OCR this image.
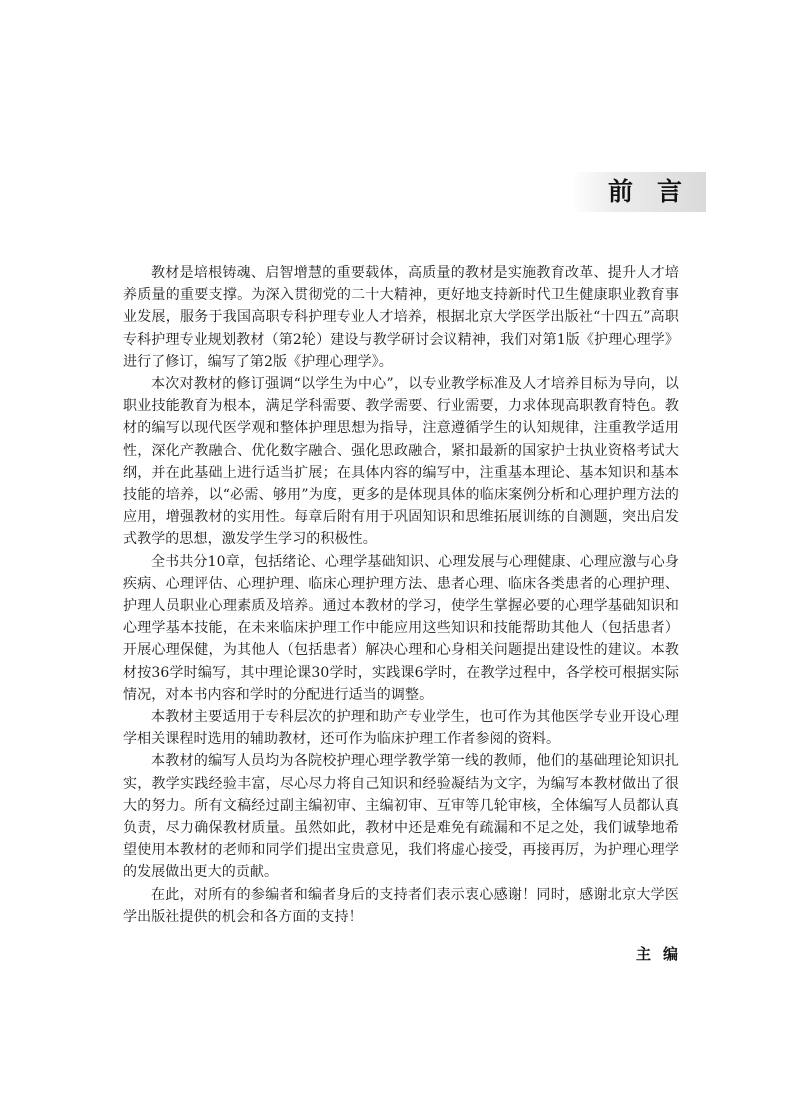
前言

教材是培根铸魂、启智增慧的重要载体，高质量的教材是实施教育改革、提升人才培养质量的重要支撑。为深入贯彻党的二十大精神，更好地支持新时代卫生健康职业教育事业发展，服务于我国高职专科护理专业人才培养，根据北京大学医学出版社“十四五”高职专科护理专业规划教材（第2轮）建设与教学研讨会议精神，我们对第1版《护理心理学》进行了修订，编写了第2版《护理心理学》。

本次对教材的修订强调“以学生为中心”，以专业教学标准及人才培养目标为导向，以职业技能教育为根本，满足学科需要、教学需要、行业需要，力求体现高职教育特色。教材的编写以现代医学观和整体护理思想为指导，注意遵循学生的认知规律，注重教学适用性，深化产教融合、优化数字融合、强化思政融合，紧扣最新的国家护士执业资格考试大纲，并在此基础上进行适当扩展；在具体内容的编写中，注重基本理论、基本知识和基本技能的培养，以“必需、够用”为度，更多的是体现具体的临床案例分析和心理护理方法的应用，增强教材的实用性。每章后附有用于巩固知识和思维拓展训练的自测题，突出启发式教学的思想，激发学生学习的积极性。

全书共分10章，包括绪论、心理学基础知识、心理发展与心理健康、心理应激与心身疾病、心理评估、心理护理、临床心理护理方法、患者心理、临床各类患者的心理护理、护理人员职业心理素质及培养。通过本教材的学习，使学生掌握必要的心理学基础知识和心理学基本技能，在未来临床护理工作中能应用这些知识和技能帮助其他人（包括患者）开展心理保健，为其他人（包括患者）解决心理和心身相关问题提出建设性的建议。本教材按36学时编写，其中理论课30学时，实践课6学时，在教学过程中，各学校可根据实际情况，对本书内容和学时的分配进行适当的调整。

本教材主要适用于专科层次的护理和助产专业学生，也可作为其他医学专业开设心理学相关课程时选用的辅助教材，还可作为临床护理工作者参阅的资料。

本教材的编写人员均为各院校护理心理学教学第一线的教师，他们的基础理论知识扎实，教学实践经验丰富，尽心尽力将自己知识和经验凝结为文字，为编写本教材做出了很大的努力。所有文稿经过副主编初审、主编初审、互审等几轮审核，全体编写人员都认真负责，尽力确保教材质量。虽然如此，教材中还是难免有疏漏和不足之处，我们诚挚地希望使用本教材的老师和同学们提出宝贵意见，我们将虚心接受，再接再厉，为护理心理学的发展做出更大的贡献。

在此，对所有的参编者和编者身后的支持者们表示衷心感谢！同时，感谢北京大学医学出版社提供的机会和各方面的支持！

主编
